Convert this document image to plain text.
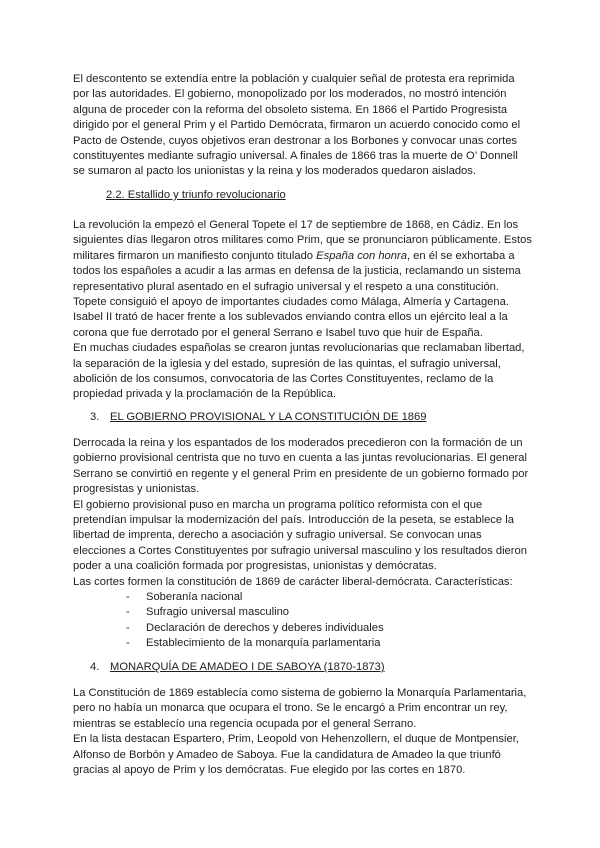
El descontento se extendía entre la población y cualquier señal de protesta era reprimida
por las autoridades. El gobierno, monopolizado por los moderados, no mostró intención
alguna de proceder con la reforma del obsoleto sistema. En 1866 el Partido Progresista
dirigido por el general Prim y el Partido Demócrata, firmaron un acuerdo conocido como el
Pacto de Ostende, cuyos objetivos eran destronar a los Borbones y convocar unas cortes
constituyentes mediante sufragio universal. A finales de 1866 tras la muerte de O’ Donnell
se sumaron al pacto los unionistas y la reina y los moderados quedaron aislados.

2.2. Estallido y triunfo revolucionario

La revolución la empezó el General Topete el 17 de septiembre de 1868, en Cádiz. En los
siguientes días llegaron otros militares como Prim, que se pronunciaron públicamente. Estos
militares firmaron un manifiesto conjunto titulado España con honra, en él se exhortaba a
todos los españoles a acudir a las armas en defensa de la justicia, reclamando un sistema
representativo plural asentado en el sufragio universal y el respeto a una constitución.
Topete consiguió el apoyo de importantes ciudades como Málaga, Almería y Cartagena.
Isabel II trató de hacer frente a los sublevados enviando contra ellos un ejército leal a la
corona que fue derrotado por el general Serrano e Isabel tuvo que huir de España.
En muchas ciudades españolas se crearon juntas revolucionarias que reclamaban libertad,
la separación de la iglesia y del estado, supresión de las quintas, el sufragio universal,
abolición de los consumos, convocatoria de las Cortes Constituyentes, reclamo de la
propiedad privada y la proclamación de la República.

3. EL GOBIERNO PROVISIONAL Y LA CONSTITUCIÓN DE 1869

Derrocada la reina y los espantados de los moderados precedieron con la formación de un
gobierno provisional centrista que no tuvo en cuenta a las juntas revolucionarias. El general
Serrano se convirtió en regente y el general Prim en presidente de un gobierno formado por
progresistas y unionistas.
El gobierno provisional puso en marcha un programa político reformista con el que
pretendían impulsar la modernización del país. Introducción de la peseta, se establece la
libertad de imprenta, derecho a asociación y sufragio universal. Se convocan unas
elecciones a Cortes Constituyentes por sufragio universal masculino y los resultados dieron
poder a una coalición formada por progresistas, unionistas y demócratas.
Las cortes formen la constitución de 1869 de carácter liberal-demócrata. Características:

- Soberanía nacional
- Sufragio universal masculino
- Declaración de derechos y deberes individuales
- Establecimiento de la monarquía parlamentaria
4. MONARQUÍA DE AMADEO I DE SABOYA (1870-1873)

La Constitución de 1869 establecía como sistema de gobierno la Monarquía Parlamentaria,
pero no había un monarca que ocupara el trono. Se le encargó a Prim encontrar un rey,
mientras se establecío una regencia ocupada por el general Serrano.
En la lista destacan Espartero, Prim, Leopold von Hehenzollern, el duque de Montpensier,
Alfonso de Borbón y Amadeo de Saboya. Fue la candidatura de Amadeo la que triunfó
gracias al apoyo de Prim y los demócratas. Fue elegido por las cortes en 1870.
